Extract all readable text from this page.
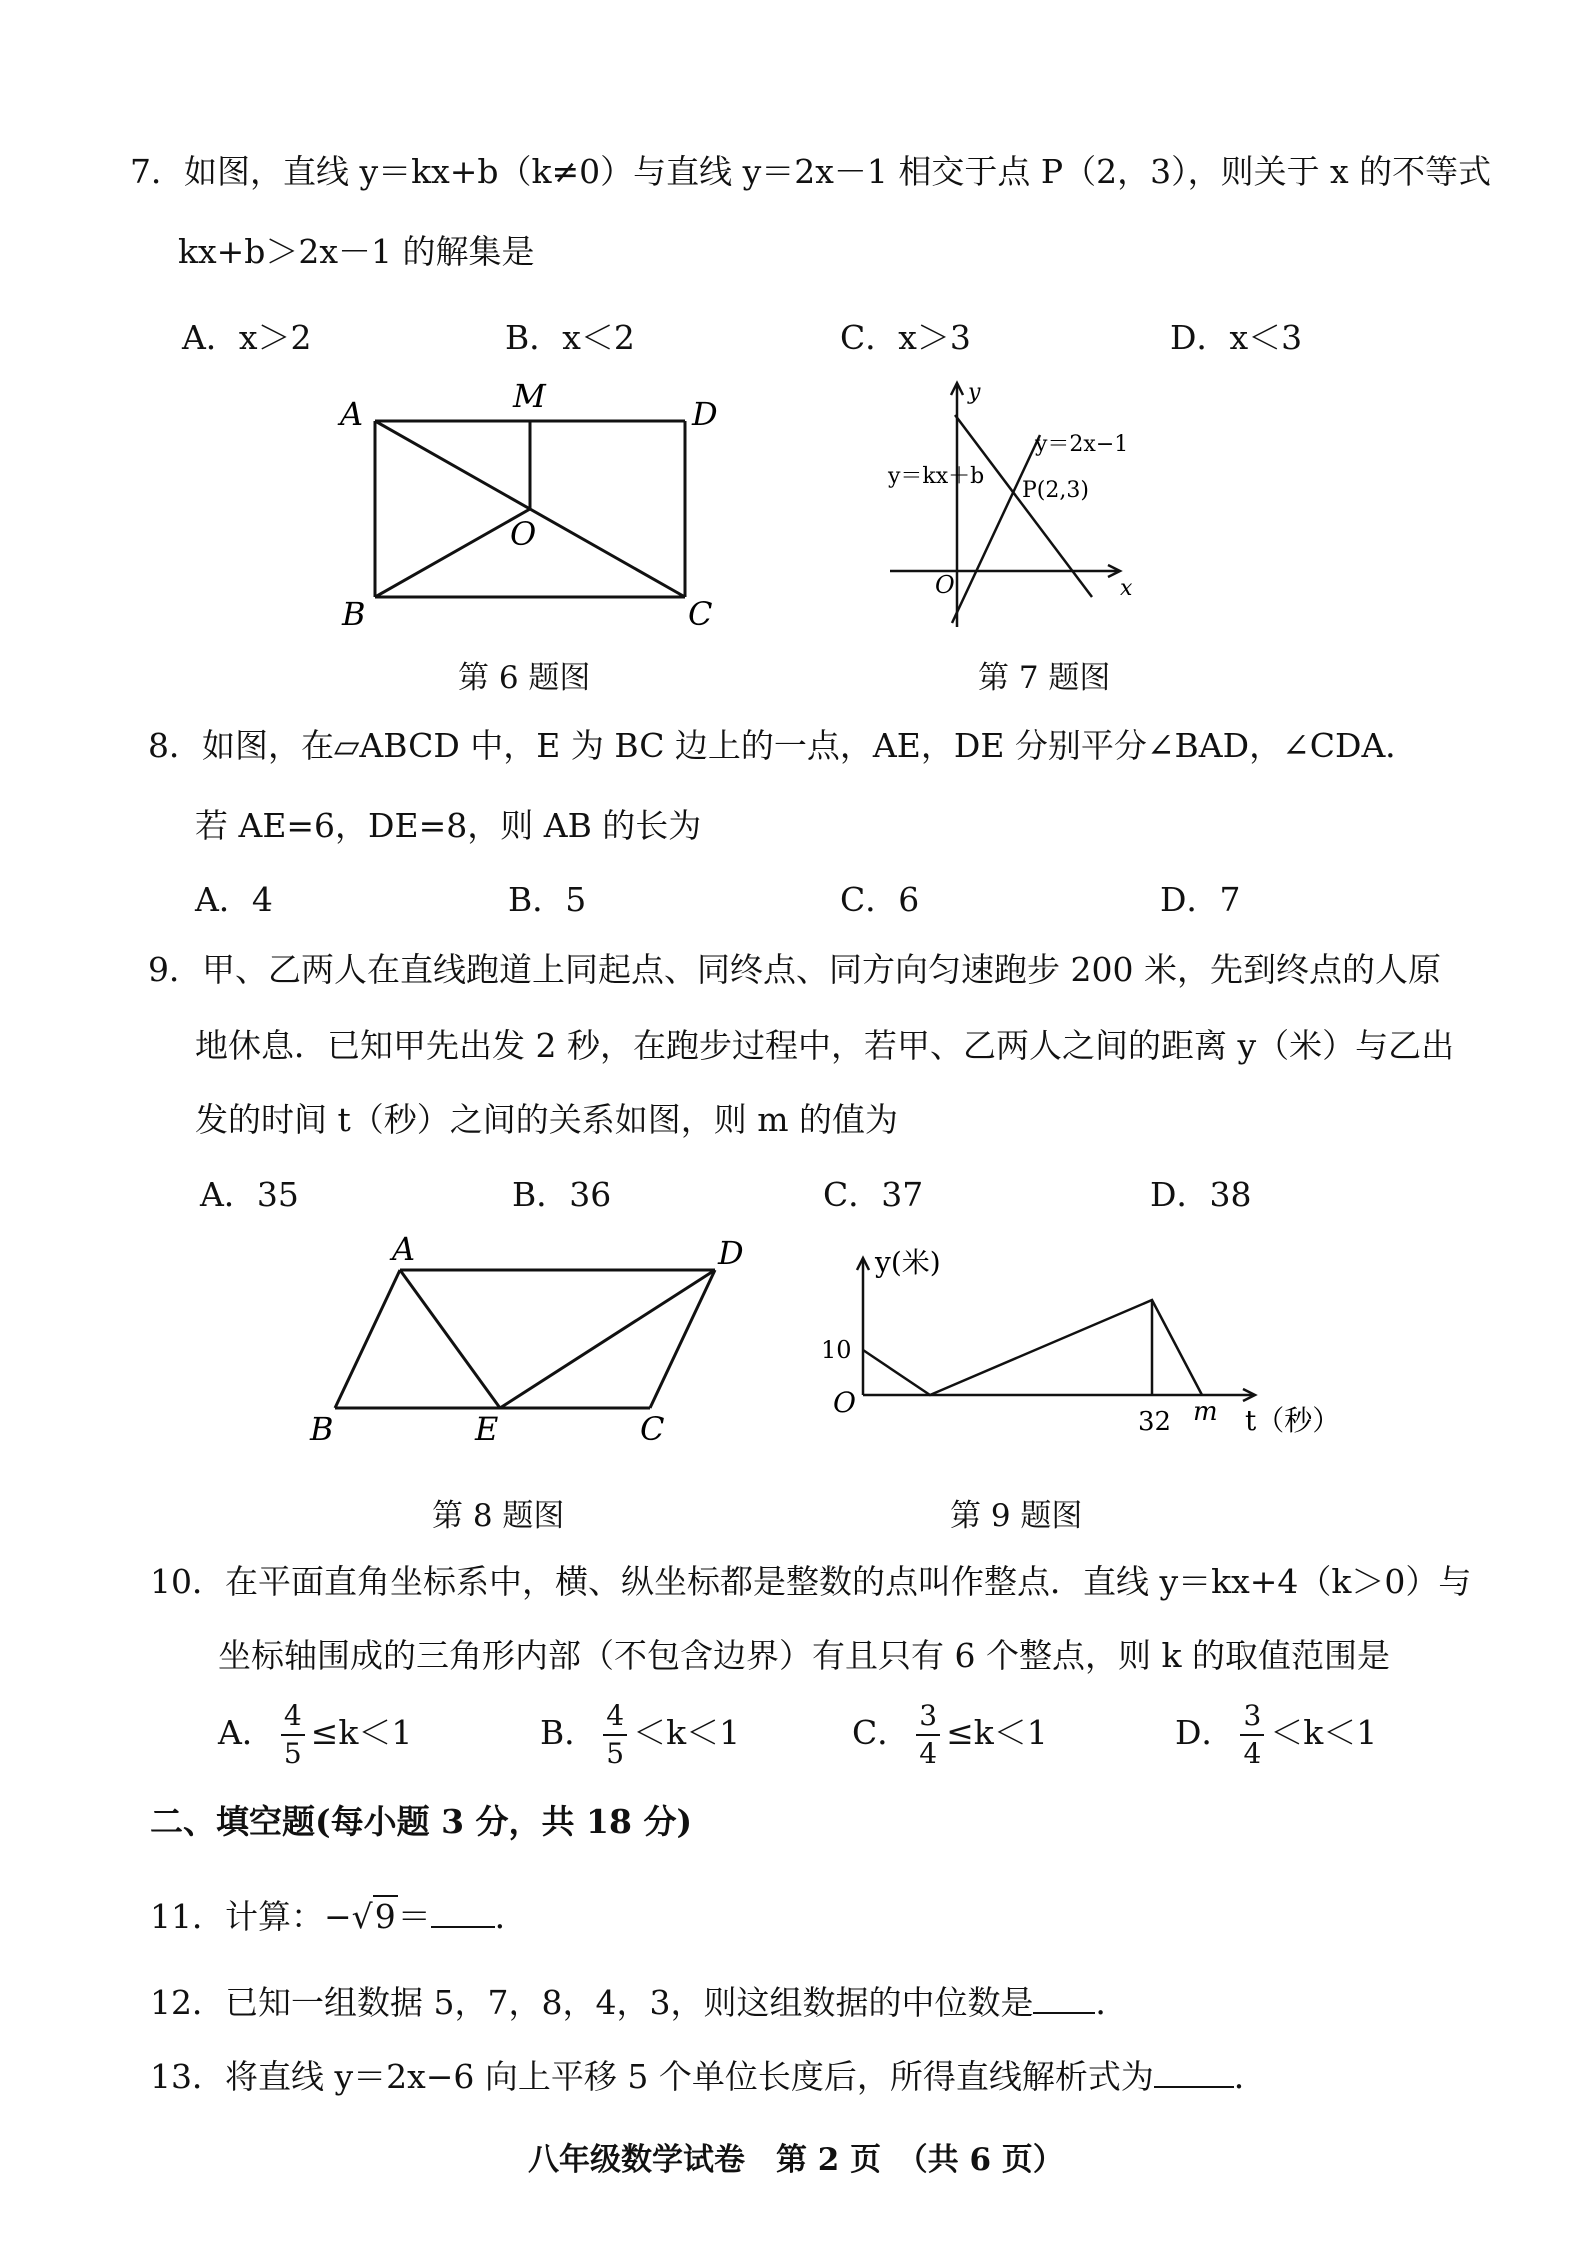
7．如图，直线 y＝kx+b（k≠0）与直线 y＝2x－1 相交于点 P（2，3），则关于 x 的不等式
kx+b＞2x－1 的解集是
A．x＞2	B．x＜2	C．x＞3	D．x＜3
A	M	D
O
B	C
第 6 题图
y
x
O
y＝2x−1
y＝kx＋b
P(2,3)
第 7 题图
8．如图，在▱ABCD 中，E 为 BC 边上的一点，AE，DE 分别平分∠BAD，∠CDA．
若 AE=6，DE=8，则 AB 的长为
A．4	B．5	C．6	D．7
9．甲、乙两人在直线跑道上同起点、同终点、同方向匀速跑步 200 米，先到终点的人原
地休息．已知甲先出发 2 秒，在跑步过程中，若甲、乙两人之间的距离 y（米）与乙出
发的时间 t（秒）之间的关系如图，则 m 的值为
A．35	B．36	C．37	D．38
A	D
B	E	C
第 8 题图
y(米)
10
O
32 m t（秒）
第 9 题图
10．在平面直角坐标系中，横、纵坐标都是整数的点叫作整点．直线 y＝kx+4（k＞0）与
坐标轴围成的三角形内部（不包含边界）有且只有 6 个整点，则 k 的取值范围是
A． $\frac{4}{5} \le k<1$	B． $\frac{4}{5} <k<1$	C． $\frac{3}{4} \le k<1$	D． $\frac{3}{4} <k<1$
二、填空题(每小题 3 分，共 18 分)
11．计算：−√9＝ ．
12．已知一组数据 5，7，8，4，3，则这组数据的中位数是 ．
13．将直线 y＝2x−6 向上平移 5 个单位长度后，所得直线解析式为 ．
八年级数学试卷　第 2 页　（共 6 页）
